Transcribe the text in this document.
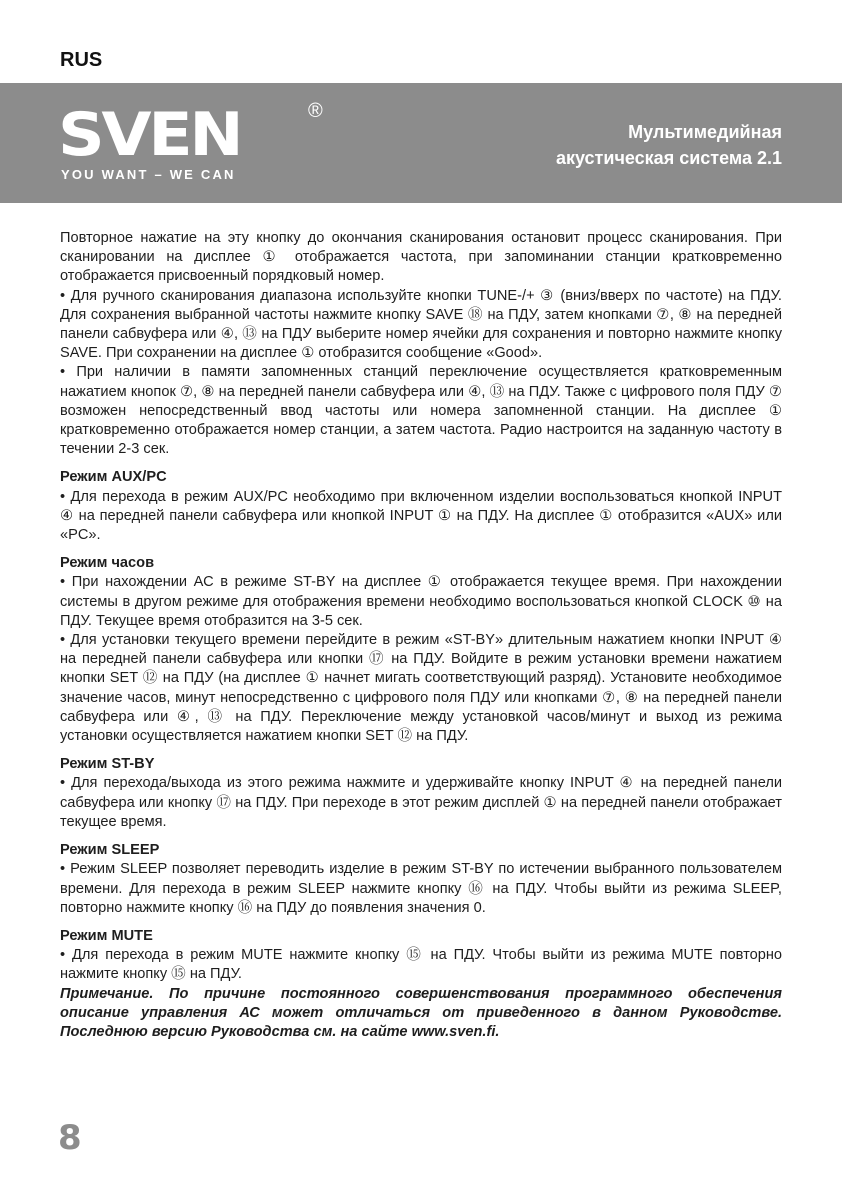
RUS
SVEN	®
YOU WANT – WE CAN
Мультимедийная
акустическая система 2.1

Повторное нажатие на эту кнопку до окончания сканирования остановит процесс сканирования. При сканировании на дисплее ① отображается частота, при запоминании станции кратковременно отображается присвоенный порядковый номер.

• Для ручного сканирования диапазона используйте кнопки TUNE-/+ ③ (вниз/вверх по частоте) на ПДУ. Для сохранения выбранной частоты нажмите кнопку SAVE ⑱ на ПДУ, затем кнопками ⑦, ⑧ на передней панели сабвуфера или ④, ⑬ на ПДУ выберите номер ячейки для сохранения и повторно нажмите кнопку SAVE. При сохранении на дисплее ① отобразится сообщение «Good».

• При наличии в памяти запомненных станций переключение осуществляется кратковременным нажатием кнопок ⑦, ⑧ на передней панели сабвуфера или ④, ⑬ на ПДУ. Также с цифрового поля ПДУ ⑦ возможен непосредственный ввод частоты или номера запомненной станции. На дисплее ① кратковременно отображается номер станции, а затем частота. Радио настроится на заданную частоту в течении 2-3 сек.

Режим AUX/PC

• Для перехода в режим AUX/PC необходимо при включенном изделии воспользоваться кнопкой INPUT ④ на передней панели сабвуфера или кнопкой INPUT ① на ПДУ. На дисплее ① отобразится «AUX» или «PC».

Режим часов

• При нахождении АС в режиме ST-BY на дисплее ① отображается текущее время. При нахождении системы в другом режиме для отображения времени необходимо воспользоваться кнопкой CLOCK ⑩ на ПДУ. Текущее время отобразится на 3-5 сек.

• Для установки текущего времени перейдите в режим «ST-BY» длительным нажатием кнопки INPUT ④ на передней панели сабвуфера или кнопки ⑰ на ПДУ. Войдите в режим установки времени нажатием кнопки SET ⑫ на ПДУ (на дисплее ① начнет мигать соответствующий разряд). Установите необходимое значение часов, минут непосредственно с цифрового поля ПДУ или кнопками ⑦, ⑧ на передней панели сабвуфера или ④, ⑬ на ПДУ. Переключение между установкой часов/минут и выход из режима установки осуществляется нажатием кнопки SET ⑫ на ПДУ.

Режим ST-BY

• Для перехода/выхода из этого режима нажмите и удерживайте кнопку INPUT ④ на передней панели сабвуфера или кнопку ⑰ на ПДУ. При переходе в этот режим дисплей ① на передней панели отображает текущее время.

Режим SLEEP

• Режим SLEEP позволяет переводить изделие в режим ST-BY по истечении выбранного пользователем времени. Для перехода в режим SLEEP нажмите кнопку ⑯ на ПДУ. Чтобы выйти из режима SLEEP, повторно нажмите кнопку ⑯ на ПДУ до появления значения 0.

Режим MUTE

• Для перехода в режим MUTE нажмите кнопку ⑮ на ПДУ. Чтобы выйти из режима MUTE повторно нажмите кнопку ⑮ на ПДУ.

Примечание. По причине постоянного совершенствования программного обеспечения описание управления АС может отличаться от приведенного в данном Руководстве. Последнюю версию Руководства см. на сайте www.sven.fi.

8
